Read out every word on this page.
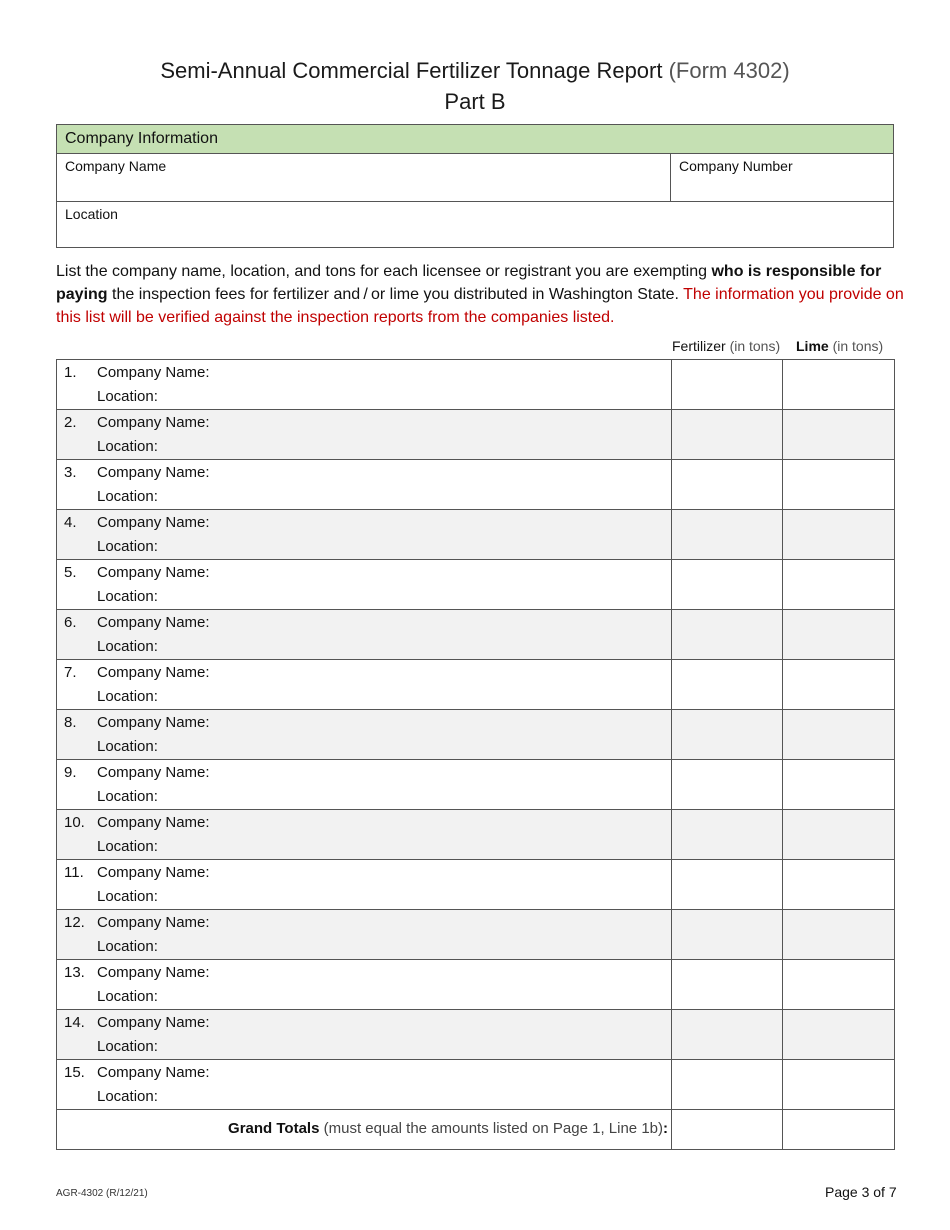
Semi-Annual Commercial Fertilizer Tonnage Report (Form 4302)
Part B
Company Information
Company Name	Company Number
Location
List the company name, location, and tons for each licensee or registrant you are exempting who is responsible for paying the inspection fees for fertilizer and / or lime you distributed in Washington State. The information you provide on this list will be verified against the inspection reports from the companies listed.
Fertilizer (in tons) Lime (in tons)
1. Company Name:
Location:		

2. Company Name:
Location:		

3. Company Name:
Location:		

4. Company Name:
Location:		

5. Company Name:
Location:		

6. Company Name:
Location:		

7. Company Name:
Location:		

8. Company Name:
Location:		

9. Company Name:
Location:		

10. Company Name:
Location:		

11. Company Name:
Location:		

12. Company Name:
Location:		

13. Company Name:
Location:		

14. Company Name:
Location:		

15. Company Name:
Location:		

Grand Totals (must equal the amounts listed on Page 1, Line 1b):		
AGR-4302 (R/12/21)	Page 3 of 7
